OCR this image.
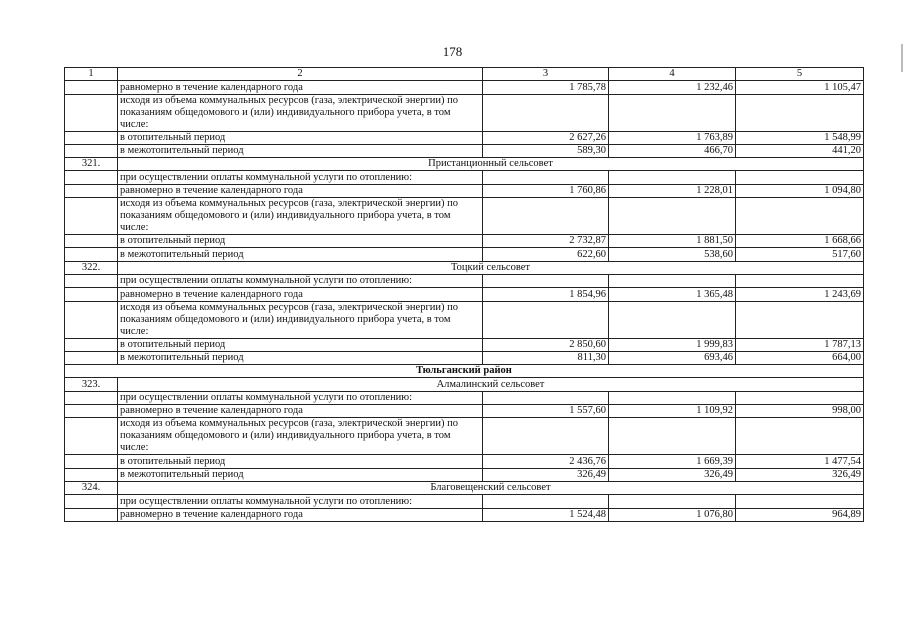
178
1	2	3	4	5
	равномерно в течение календарного года	1 785,78	1 232,46	1 105,47
	исходя из объема коммунальных ресурсов (газа, электрической энергии) по показаниям общедомового и (или) индивидуального прибора учета, в том числе:			
	в отопительный период	2 627,26	1 763,89	1 548,99
	в межотопительный период	589,30	466,70	441,20
321.	Пристанционный сельсовет			
	при осуществлении оплаты коммунальной услуги по отоплению:			
	равномерно в течение календарного года	1 760,86	1 228,01	1 094,80
	исходя из объема коммунальных ресурсов (газа, электрической энергии) по показаниям общедомового и (или) индивидуального прибора учета, в том числе:			
	в отопительный период	2 732,87	1 881,50	1 668,66
	в межотопительный период	622,60	538,60	517,60
322.	Тоцкий сельсовет			
	при осуществлении оплаты коммунальной услуги по отоплению:			
	равномерно в течение календарного года	1 854,96	1 365,48	1 243,69
	исходя из объема коммунальных ресурсов (газа, электрической энергии) по показаниям общедомового и (или) индивидуального прибора учета, в том числе:			
	в отопительный период	2 850,60	1 999,83	1 787,13
	в межотопительный период	811,30	693,46	664,00
Тюльганский район				
323.	Алмалинский сельсовет			
	при осуществлении оплаты коммунальной услуги по отоплению:			
	равномерно в течение календарного года	1 557,60	1 109,92	998,00
	исходя из объема коммунальных ресурсов (газа, электрической энергии) по показаниям общедомового и (или) индивидуального прибора учета, в том числе:			
	в отопительный период	2 436,76	1 669,39	1 477,54
	в межотопительный период	326,49	326,49	326,49
324.	Благовещенский сельсовет			
	при осуществлении оплаты коммунальной услуги по отоплению:			
	равномерно в течение календарного года	1 524,48	1 076,80	964,89
